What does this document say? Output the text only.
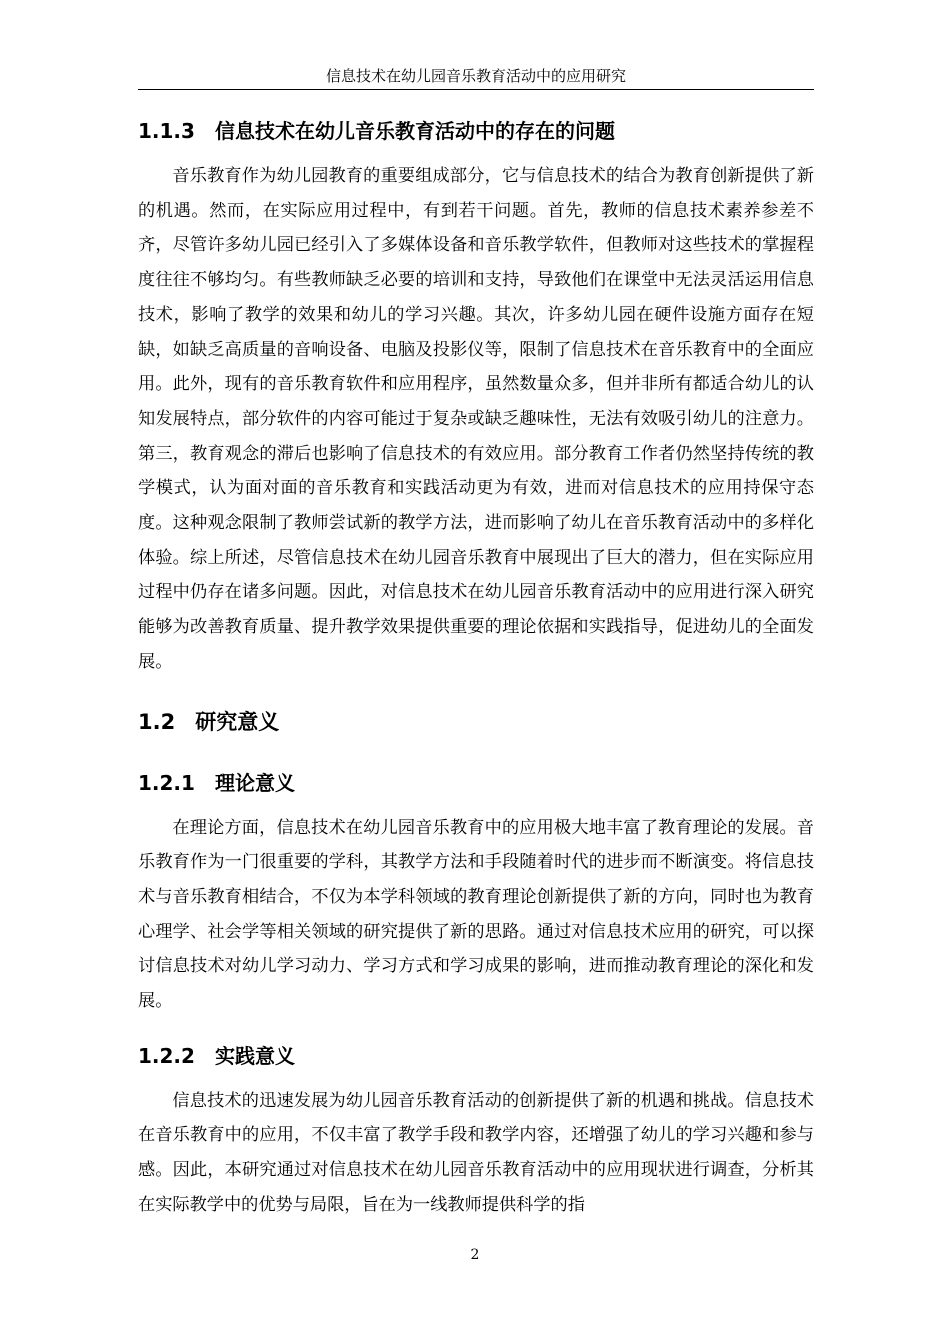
信息技术在幼儿园音乐教育活动中的应用研究
1.1.3 信息技术在幼儿音乐教育活动中的存在的问题

音乐教育作为幼儿园教育的重要组成部分，它与信息技术的结合为教育创新提供了新的机遇。然而，在实际应用过程中，有到若干问题。首先，教师的信息技术素养参差不齐，尽管许多幼儿园已经引入了多媒体设备和音乐教学软件，但教师对这些技术的掌握程度往往不够均匀。有些教师缺乏必要的培训和支持，导致他们在课堂中无法灵活运用信息技术，影响了教学的效果和幼儿的学习兴趣。其次，许多幼儿园在硬件设施方面存在短缺，如缺乏高质量的音响设备、电脑及投影仪等，限制了信息技术在音乐教育中的全面应用。此外，现有的音乐教育软件和应用程序，虽然数量众多，但并非所有都适合幼儿的认知发展特点，部分软件的内容可能过于复杂或缺乏趣味性，无法有效吸引幼儿的注意力。第三，教育观念的滞后也影响了信息技术的有效应用。部分教育工作者仍然坚持传统的教学模式，认为面对面的音乐教育和实践活动更为有效，进而对信息技术的应用持保守态度。这种观念限制了教师尝试新的教学方法，进而影响了幼儿在音乐教育活动中的多样化体验。综上所述，尽管信息技术在幼儿园音乐教育中展现出了巨大的潜力，但在实际应用过程中仍存在诸多问题。因此，对信息技术在幼儿园音乐教育活动中的应用进行深入研究能够为改善教育质量、提升教学效果提供重要的理论依据和实践指导，促进幼儿的全面发展。

1.2 研究意义
1.2.1 理论意义

在理论方面，信息技术在幼儿园音乐教育中的应用极大地丰富了教育理论的发展。音乐教育作为一门很重要的学科，其教学方法和手段随着时代的进步而不断演变。将信息技术与音乐教育相结合，不仅为本学科领域的教育理论创新提供了新的方向，同时也为教育心理学、社会学等相关领域的研究提供了新的思路。通过对信息技术应用的研究，可以探讨信息技术对幼儿学习动力、学习方式和学习成果的影响，进而推动教育理论的深化和发展。

1.2.2 实践意义

信息技术的迅速发展为幼儿园音乐教育活动的创新提供了新的机遇和挑战。信息技术在音乐教育中的应用，不仅丰富了教学手段和教学内容，还增强了幼儿的学习兴趣和参与感。因此，本研究通过对信息技术在幼儿园音乐教育活动中的应用现状进行调查，分析其在实际教学中的优势与局限，旨在为一线教师提供科学的指

2
